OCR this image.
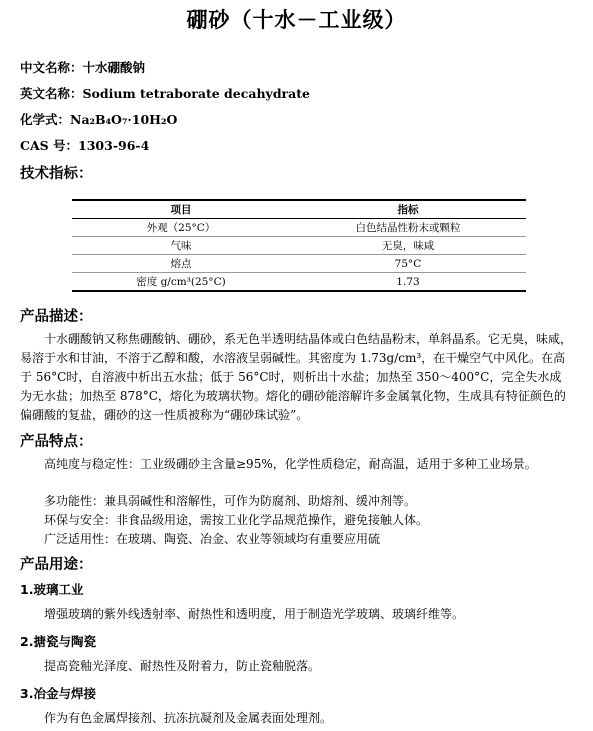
硼砂（十水－工业级）
中文名称：十水硼酸钠
英文名称：Sodium tetraborate decahydrate
化学式：Na₂B₄O₇·10H₂O
CAS 号：1303-96-4
技术指标：
项目	指标
外观（25°C）	白色结晶性粉末或颗粒
气味	无臭，味咸
熔点	75°C
密度 g/cm³(25°C)	1.73
产品描述：
十水硼酸钠又称焦硼酸钠、硼砂，系无色半透明结晶体或白色结晶粉末，单斜晶系。它无臭，味咸，易溶于水和甘油，不溶于乙醇和酸，水溶液呈弱碱性。其密度为 1.73g/cm³，在干燥空气中风化。在高于 56°C时，自溶液中析出五水盐；低于 56°C时，则析出十水盐；加热至 350～400°C，完全失水成为无水盐；加热至 878°C，熔化为玻璃状物。熔化的硼砂能溶解许多金属氧化物，生成具有特征颜色的偏硼酸的复盐，硼砂的这一性质被称为“硼砂珠试验”。
产品特点：
高纯度与稳定性：工业级硼砂主含量≥95%，化学性质稳定，耐高温，适用于多种工业场景。
多功能性：兼具弱碱性和溶解性，可作为防腐剂、助熔剂、缓冲剂等。
环保与安全：非食品级用途，需按工业化学品规范操作，避免接触人体。
广泛适用性：在玻璃、陶瓷、冶金、农业等领域均有重要应用硫
产品用途：
1.玻璃工业
增强玻璃的紫外线透射率、耐热性和透明度，用于制造光学玻璃、玻璃纤维等。
2.搪瓷与陶瓷
提高瓷釉光泽度、耐热性及附着力，防止瓷釉脱落。
3.冶金与焊接
作为有色金属焊接剂、抗冻抗凝剂及金属表面处理剂。
